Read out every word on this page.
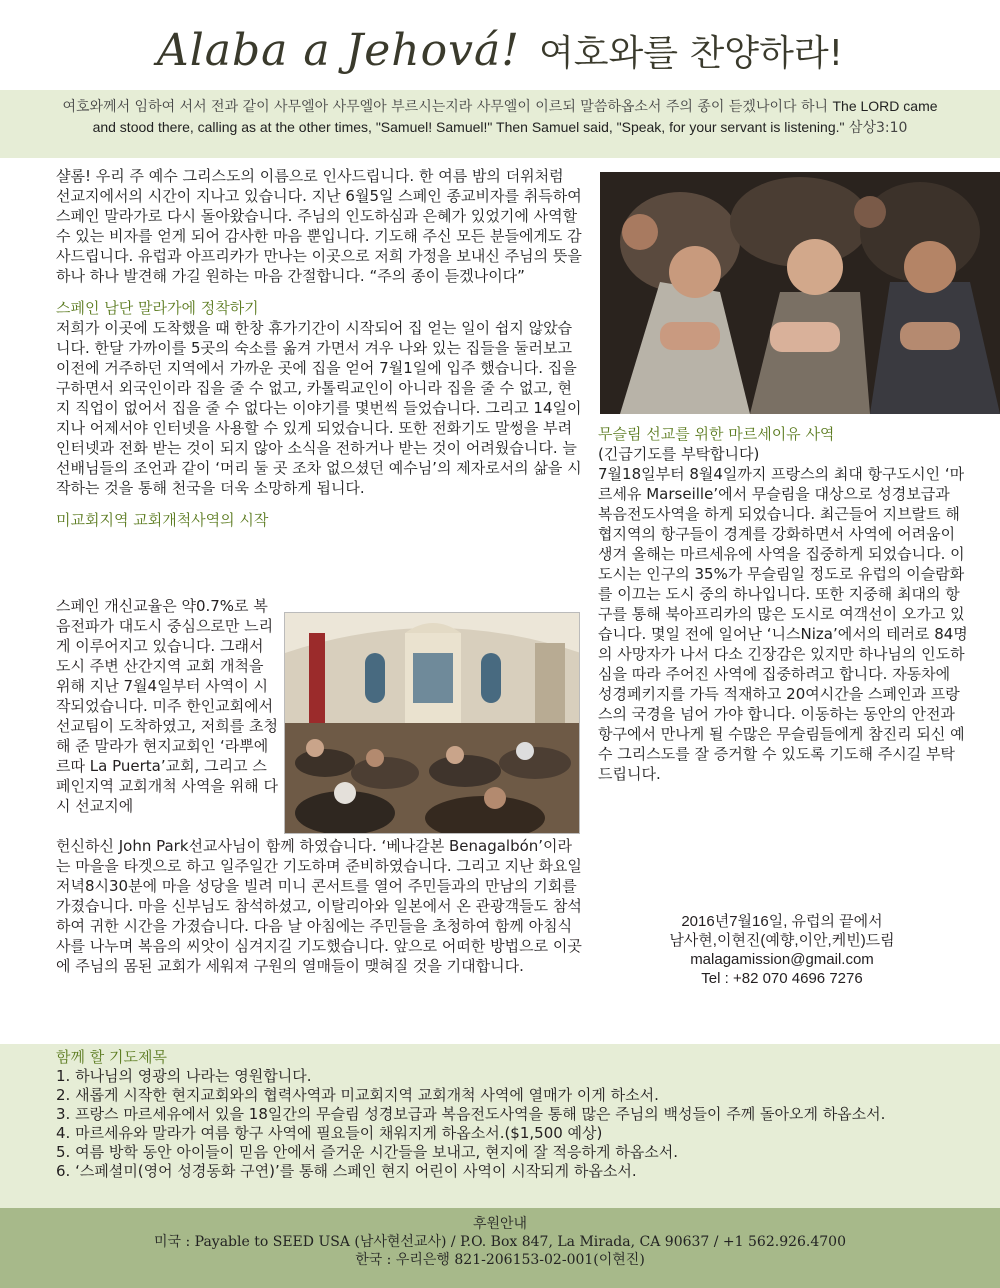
Alaba a Jehová! 여호와를 찬양하라!
여호와께서 임하여 서서 전과 같이 사무엘아 사무엘아 부르시는지라 사무엘이 이르되 말씀하옵소서 주의 종이 듣겠나이다 하니 The LORD came and stood there, calling as at the other times, "Samuel! Samuel!" Then Samuel said, "Speak, for your servant is listening." 삼상3:10

샬롬! 우리 주 예수 그리스도의 이름으로 인사드립니다. 한 여름 밤의 더위처럼 선교지에서의 시간이 지나고 있습니다. 지난 6월5일 스페인 종교비자를 취득하여 스페인 말라가로 다시 돌아왔습니다. 주님의 인도하심과 은혜가 있었기에 사역할 수 있는 비자를 얻게 되어 감사한 마음 뿐입니다. 기도해 주신 모든 분들에게도 감사드립니다. 유럽과 아프리카가 만나는 이곳으로 저희 가정을 보내신 주님의 뜻을 하나 하나 발견해 가길 원하는 마음 간절합니다. “주의 종이 듣겠나이다”

스페인 남단 말라가에 정착하기

저희가 이곳에 도착했을 때 한창 휴가기간이 시작되어 집 얻는 일이 쉽지 않았습니다. 한달 가까이를 5곳의 숙소를 옮겨 가면서 겨우 나와 있는 집들을 둘러보고 이전에 거주하던 지역에서 가까운 곳에 집을 얻어 7월1일에 입주 했습니다. 집을 구하면서 외국인이라 집을 줄 수 없고, 카톨릭교인이 아니라 집을 줄 수 없고, 현지 직업이 없어서 집을 줄 수 없다는 이야기를 몇번씩 들었습니다. 그리고 14일이 지나 어제서야 인터넷을 사용할 수 있게 되었습니다. 또한 전화기도 말썽을 부려 인터넷과 전화 받는 것이 되지 않아 소식을 전하거나 받는 것이 어려웠습니다. 늘 선배님들의 조언과 같이 ‘머리 둘 곳 조차 없으셨던 예수님’의 제자로서의 삶을 시작하는 것을 통해 천국을 더욱 소망하게 됩니다.

미교회지역 교회개척사역의 시작
스페인 개신교율은 약0.7%로 복음전파가 대도시 중심으로만 느리게 이루어지고 있습니다. 그래서 도시 주변 산간지역 교회 개척을 위해 지난 7월4일부터 사역이 시작되었습니다. 미주 한인교회에서 선교팀이 도착하였고, 저희를 초청해 준 말라가 현지교회인 ‘라뿌에르따 La Puerta’교회, 그리고 스페인지역 교회개척 사역을 위해 다시 선교지에
헌신하신 John Park선교사님이 함께 하였습니다. ‘베나갈본 Benagalbón’이라는 마을을 타겟으로 하고 일주일간 기도하며 준비하였습니다. 그리고 지난 화요일 저녁8시30분에 마을 성당을 빌려 미니 콘서트를 열어 주민들과의 만남의 기회를 가졌습니다. 마을 신부님도 참석하셨고, 이탈리아와 일본에서 온 관광객들도 참석하여 귀한 시간을 가졌습니다. 다음 날 아침에는 주민들을 초청하여 함께 아침식사를 나누며 복음의 씨앗이 심겨지길 기도했습니다. 앞으로 어떠한 방법으로 이곳에 주님의 몸된 교회가 세워져 구원의 열매들이 맺혀질 것을 기대합니다.
무슬림 선교를 위한 마르세이유 사역

(긴급기도를 부탁합니다)

7월18일부터 8월4일까지 프랑스의 최대 항구도시인 ‘마르세유 Marseille’에서 무슬림을 대상으로 성경보급과 복음전도사역을 하게 되었습니다. 최근들어 지브랄트 해협지역의 항구들이 경계를 강화하면서 사역에 어려움이 생겨 올해는 마르세유에 사역을 집중하게 되었습니다. 이 도시는 인구의 35%가 무슬림일 정도로 유럽의 이슬람화를 이끄는 도시 중의 하나입니다. 또한 지중해 최대의 항구를 통해 북아프리카의 많은 도시로 여객선이 오가고 있습니다. 몇일 전에 일어난 ‘니스Niza’에서의 테러로 84명의 사망자가 나서 다소 긴장감은 있지만 하나님의 인도하심을 따라 주어진 사역에 집중하려고 합니다. 자동차에 성경페키지를 가득 적재하고 20여시간을 스페인과 프랑스의 국경을 넘어 가야 합니다. 이동하는 동안의 안전과 항구에서 만나게 될 수많은 무슬림들에게 참진리 되신 예수 그리스도를 잘 증거할 수 있도록 기도해 주시길 부탁드립니다.

2016년7월16일, 유럽의 끝에서
남사현,이현진(예향,이안,케빈)드림
malagamission@gmail.com
Tel : +82 070 4696 7276
함께 할 기도제목
1. 하나님의 영광의 나라는 영원합니다.
2. 새롭게 시작한 현지교회와의 협력사역과 미교회지역 교회개척 사역에 열매가 이게 하소서.
3. 프랑스 마르세유에서 있을 18일간의 무슬림 성경보급과 복음전도사역을 통해 많은 주님의 백성들이 주께 돌아오게 하옵소서.
4. 마르세유와 말라가 여름 항구 사역에 필요들이 채워지게 하옵소서.($1,500 예상)
5. 여름 방학 동안 아이들이 믿음 안에서 즐거운 시간들을 보내고, 현지에 잘 적응하게 하옵소서.
6. ‘스페셜미(영어 성경동화 구연)’를 통해 스페인 현지 어린이 사역이 시작되게 하옵소서.
후원안내
미국 : Payable to SEED USA (남사현선교사) / P.O. Box 847, La Mirada, CA 90637 / +1 562.926.4700
한국 : 우리은행 821-206153-02-001(이현진)
